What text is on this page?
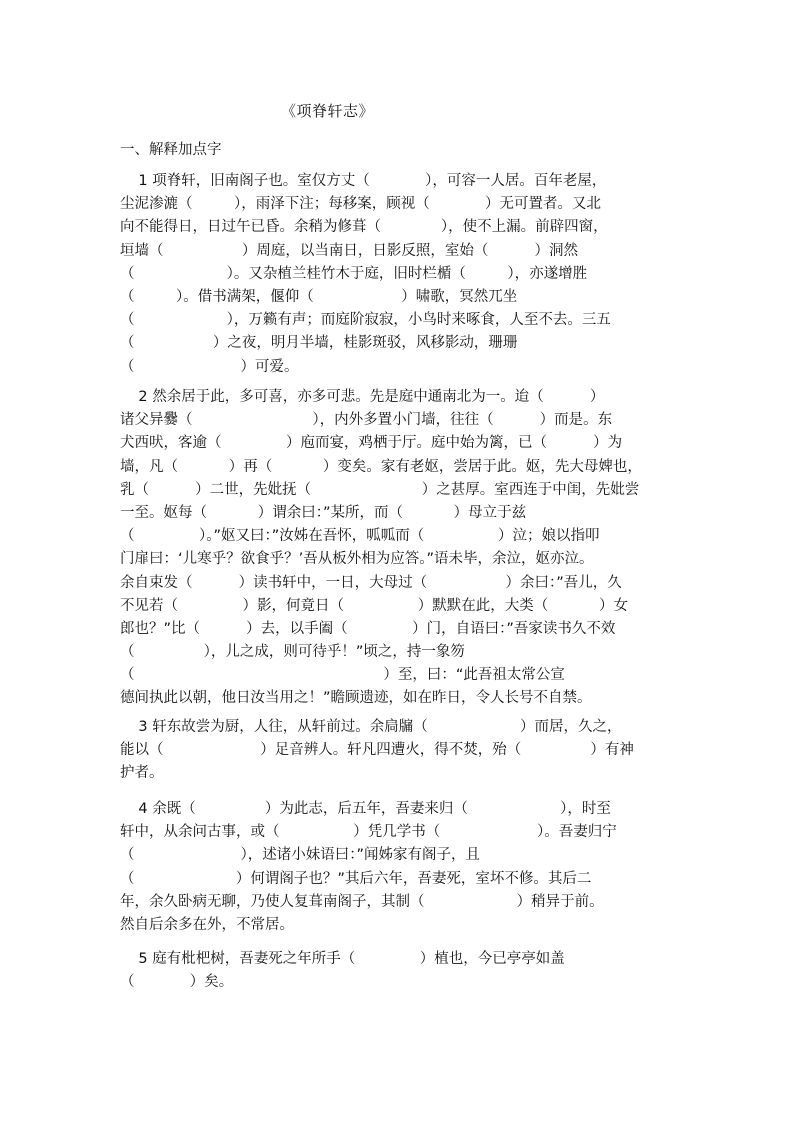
《项脊轩志》
一、解释加点字
1 项脊轩，旧南阁子也。室仅方丈（            ），可容一人居。百年老屋，
尘泥渗漉（         ），雨泽下注；每移案，顾视（            ）无可置者。又北
向不能得日，日过午已昏。余稍为修葺（             ），使不上漏。前辟四窗，
垣墙（                 ）周庭，以当南日，日影反照，室始（          ）洞然
（                    ）。又杂植兰桂竹木于庭，旧时栏楯（         ），亦遂增胜
（         ）。借书满架，偃仰（                   ）啸歌，冥然兀坐
（                    ），万籁有声；而庭阶寂寂，小鸟时来啄食，人至不去。三五
（                 ）之夜，明月半墙，桂影斑驳，风移影动，珊珊
（                       ）可爱。
2 然余居于此，多可喜，亦多可悲。先是庭中通南北为一。迨（          ）
诸父异爨（                          ），内外多置小门墙，往往（          ）而是。东
犬西吠，客逾（              ）庖而宴，鸡栖于厅。庭中始为篱，已（          ）为
墙，凡（           ）再（           ）变矣。家有老妪，尝居于此。妪，先大母婢也，
乳（          ）二世，先妣抚（                        ）之甚厚。室西连于中闺，先妣尝
一至。妪每（           ）谓余曰：”某所，而（           ）母立于兹
（              ）。”妪又曰：”汝姊在吾怀，呱呱而（                ）泣；娘以指叩
门扉曰：‘儿寒乎？欲食乎？’吾从板外相为应答。”语未毕，余泣，妪亦泣。
余自束发（          ）读书轩中，一日，大母过（                 ）余曰：”吾儿，久
不见若（              ）影，何竟日（                ）默默在此，大类（           ）女
郎也？”比（          ）去，以手阖（              ）门，自语曰：”吾家读书久不效
（               ），儿之成，则可待乎！”顷之，持一象笏
（                                                      ）至，曰：“此吾祖太常公宣
德间执此以朝，他日汝当用之！”瞻顾遗迹，如在昨日，令人长号不自禁。
3 轩东故尝为厨，人往，从轩前过。余扃牖（                    ）而居，久之，
能以（                     ）足音辨人。轩凡四遭火，得不焚，殆（               ）有神
护者。
4 余既（               ）为此志，后五年，吾妻来归（                    ），时至
轩中，从余问古事，或（                ）凭几学书（                     ）。吾妻归宁
（                       ），述诸小妹语曰：”闻姊家有阁子，且
（                      ）何谓阁子也？”其后六年，吾妻死，室坏不修。其后二
年，余久卧病无聊，乃使人复葺南阁子，其制（                    ）稍异于前。
然自后余多在外，不常居。
5 庭有枇杷树，吾妻死之年所手（              ）植也，今已亭亭如盖
（            ）矣。
